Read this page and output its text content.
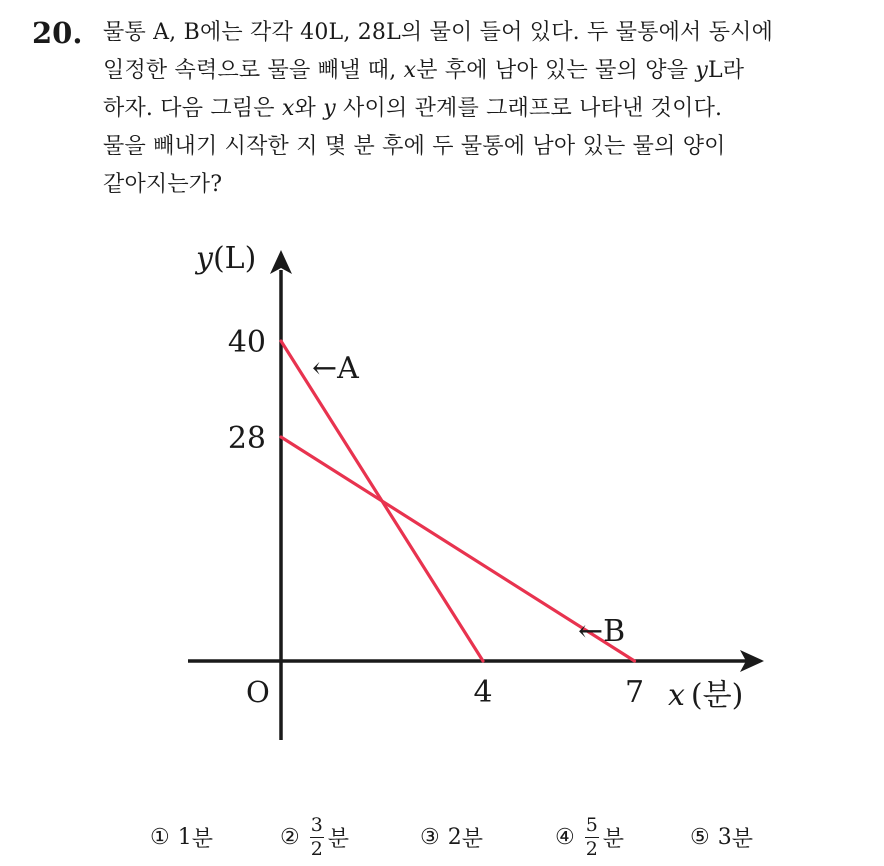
20. 물통 A, B에는 각각 40L, 28L의 물이 들어 있다. 두 물통에서 동시에
일정한 속력으로 물을 빼낼 때, x분 후에 남아 있는 물의 양을 yL라
하자. 다음 그림은 x와 y 사이의 관계를 그래프로 나타낸 것이다.
물을 빼내기 시작한 지 몇 분 후에 두 물통에 남아 있는 물의 양이
같아지는가?
y(L)
x (분)
O
40
28
4	7
←A
←B
① 1 분	② $\frac{3}{2}$ 분	③ 2 분	④ $\frac{5}{2}$ 분	⑤ 3 분
